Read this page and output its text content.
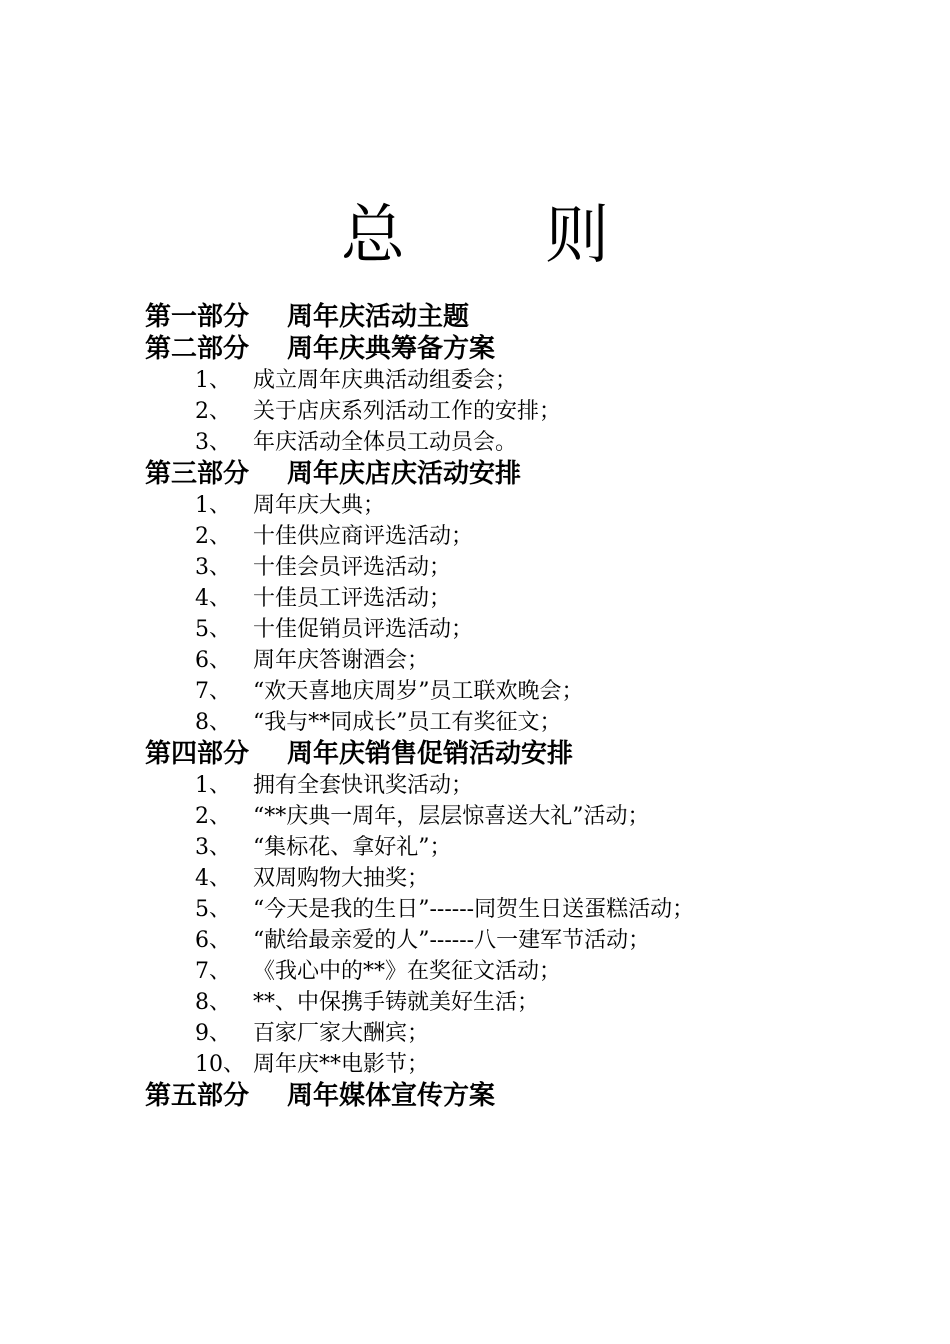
总 则
第一部分	周年庆活动主题
第二部分	周年庆典筹备方案
1、	成立周年庆典活动组委会；
2、	关于店庆系列活动工作的安排；
3、	年庆活动全体员工动员会。
第三部分	周年庆店庆活动安排
1、	周年庆大典；
2、	十佳供应商评选活动；
3、	十佳会员评选活动；
4、	十佳员工评选活动；
5、	十佳促销员评选活动；
6、	周年庆答谢酒会；
7、	“欢天喜地庆周岁”员工联欢晚会；
8、	“我与**同成长”员工有奖征文；
第四部分	周年庆销售促销活动安排
1、	拥有全套快讯奖活动；
2、	“**庆典一周年，层层惊喜送大礼”活动；
3、	“集标花、拿好礼”；
4、	双周购物大抽奖；
5、	“今天是我的生日”------同贺生日送蛋糕活动；
6、	“献给最亲爱的人”------八一建军节活动；
7、	《我心中的**》在奖征文活动；
8、	**、中保携手铸就美好生活；
9、	百家厂家大酬宾；
10、 周年庆**电影节；
第五部分	周年媒体宣传方案
